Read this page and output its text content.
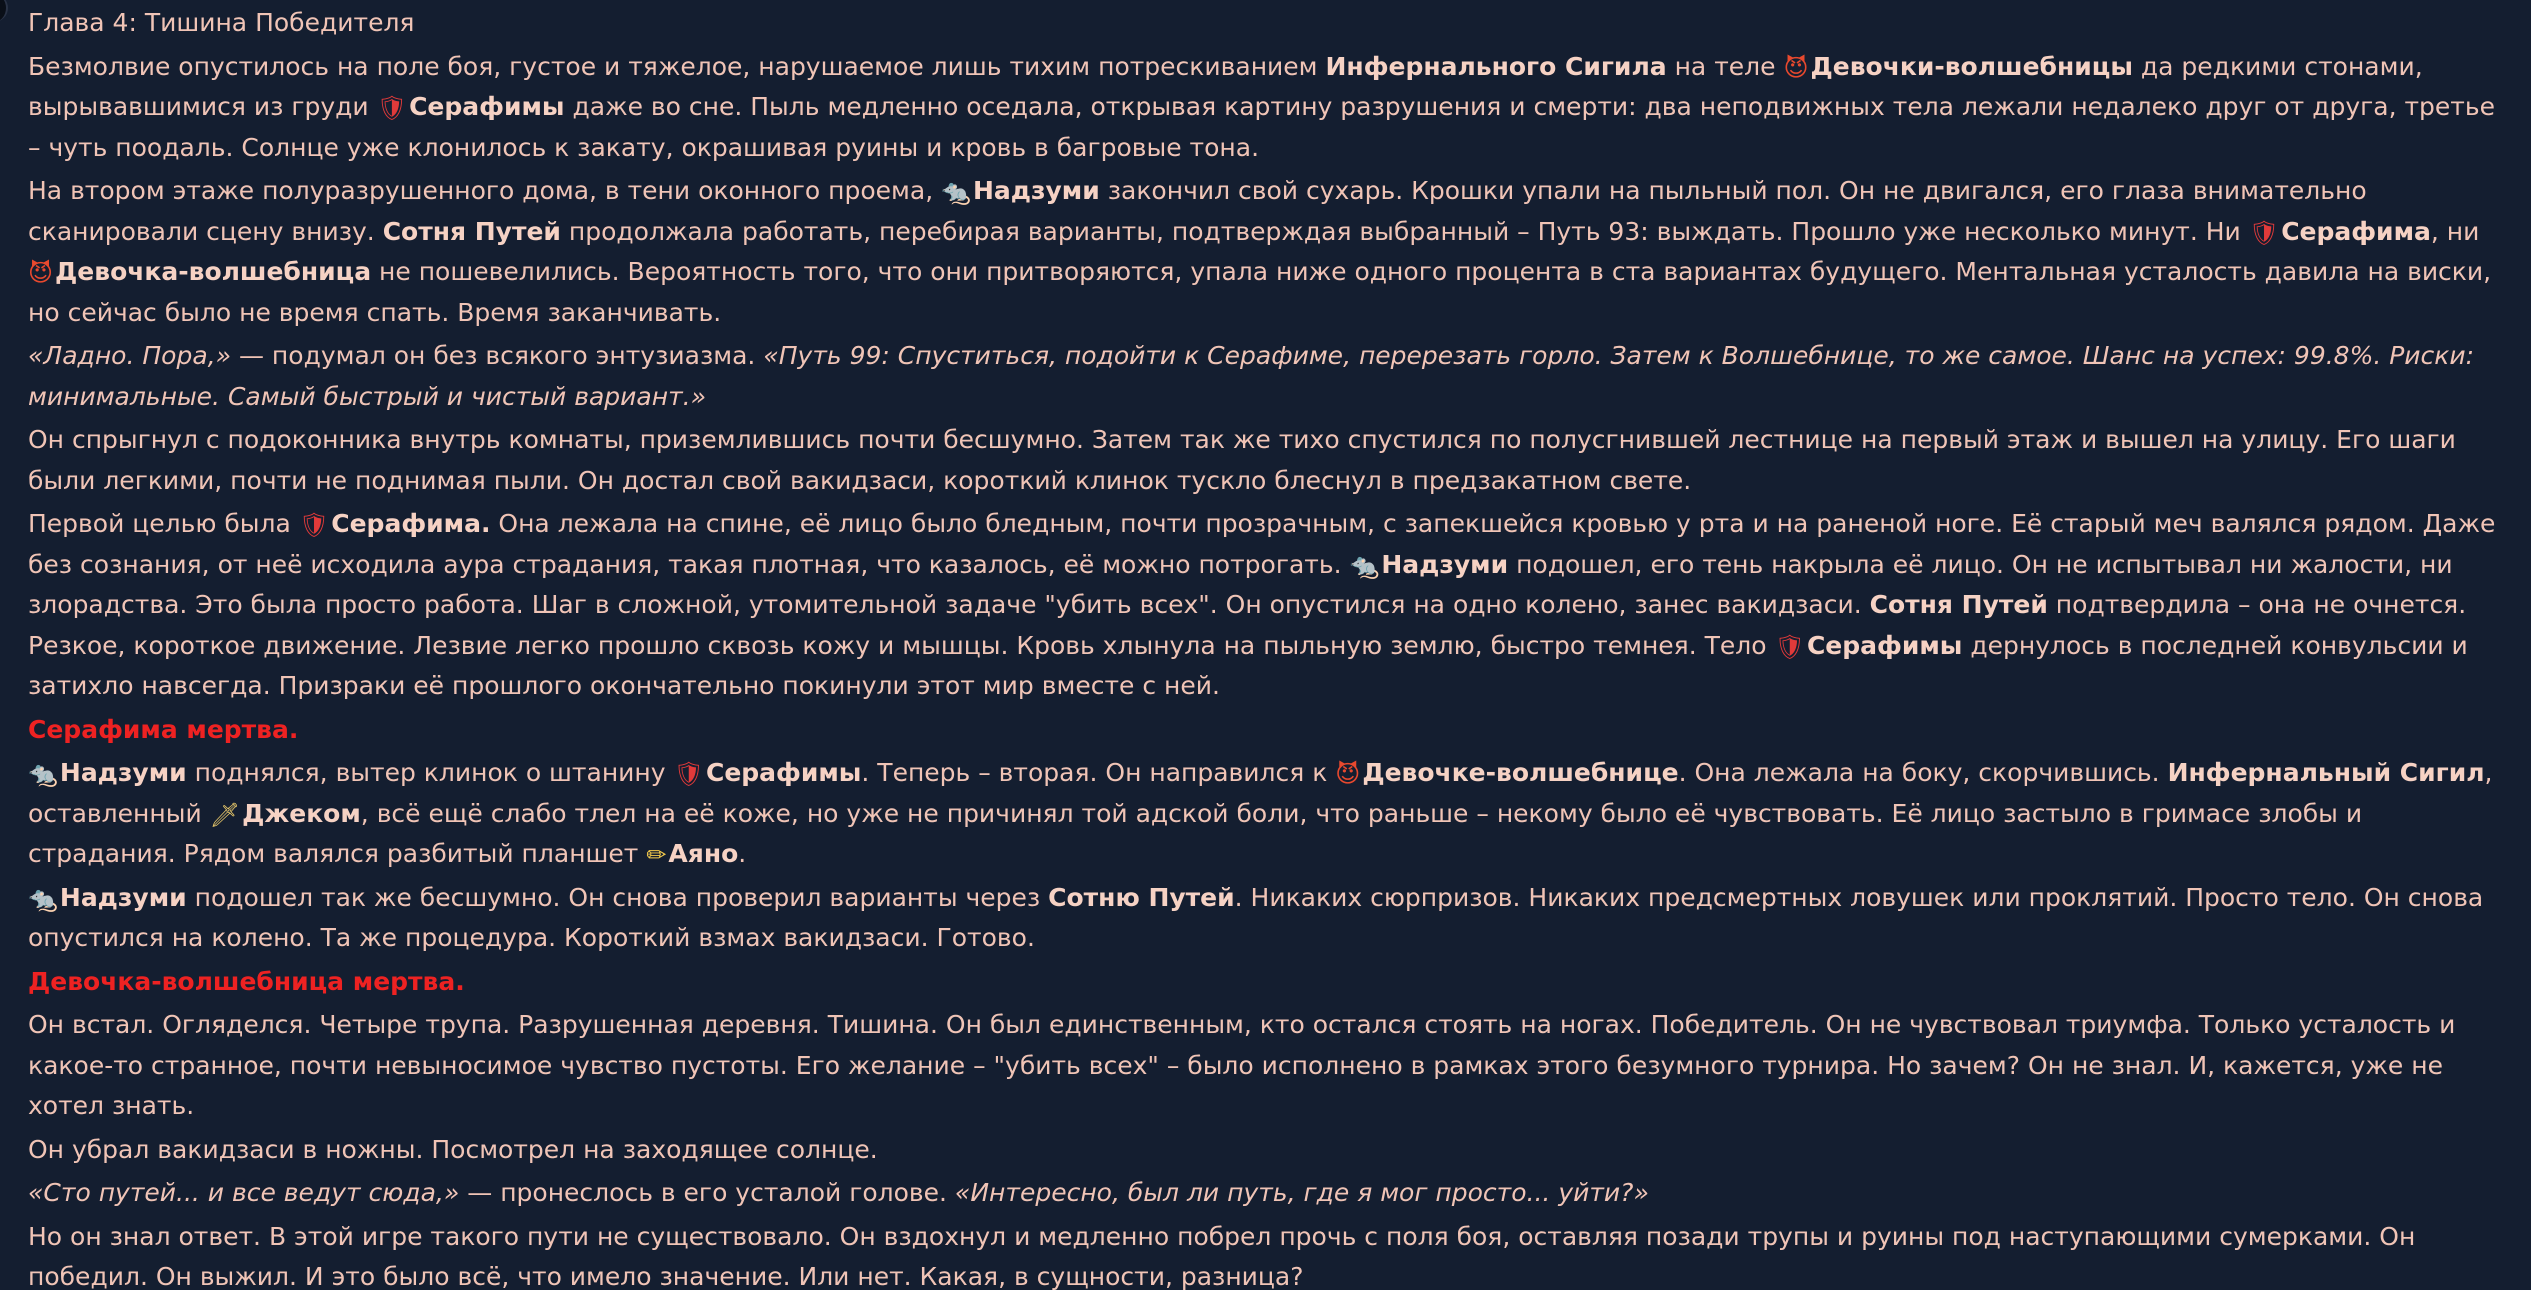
Глава 4: Тишина Победителя

Безмолвие опустилось на поле боя, густое и тяжелое, нарушаемое лишь тихим потрескиванием Инфернального Сигила на теле 😈Девочки-волшебницы да редкими стонами, вырывавшимися из груди 🛡Серафимы даже во сне. Пыль медленно оседала, открывая картину разрушения и смерти: два неподвижных тела лежали недалеко друг от друга, третье – чуть поодаль. Солнце уже клонилось к закату, окрашивая руины и кровь в багровые тона.

На втором этаже полуразрушенного дома, в тени оконного проема, 🐀Надзуми закончил свой сухарь. Крошки упали на пыльный пол. Он не двигался, его глаза внимательно сканировали сцену внизу. Сотня Путей продолжала работать, перебирая варианты, подтверждая выбранный – Путь 93: выждать. Прошло уже несколько минут. Ни 🛡Серафима, ни 😈Девочка-волшебница не пошевелились. Вероятность того, что они притворяются, упала ниже одного процента в ста вариантах будущего. Ментальная усталость давила на виски, но сейчас было не время спать. Время заканчивать.

«Ладно. Пора,» — подумал он без всякого энтузиазма. «Путь 99: Спуститься, подойти к Серафиме, перерезать горло. Затем к Волшебнице, то же самое. Шанс на успех: 99.8%. Риски: минимальные. Самый быстрый и чистый вариант.»

Он спрыгнул с подоконника внутрь комнаты, приземлившись почти бесшумно. Затем так же тихо спустился по полусгнившей лестнице на первый этаж и вышел на улицу. Его шаги были легкими, почти не поднимая пыли. Он достал свой вакидзаси, короткий клинок тускло блеснул в предзакатном свете.

Первой целью была 🛡Серафима. Она лежала на спине, её лицо было бледным, почти прозрачным, с запекшейся кровью у рта и на раненой ноге. Её старый меч валялся рядом. Даже без сознания, от неё исходила аура страдания, такая плотная, что казалось, её можно потрогать. 🐀Надзуми подошел, его тень накрыла её лицо. Он не испытывал ни жалости, ни злорадства. Это была просто работа. Шаг в сложной, утомительной задаче "убить всех". Он опустился на одно колено, занес вакидзаси. Сотня Путей подтвердила – она не очнется. Резкое, короткое движение. Лезвие легко прошло сквозь кожу и мышцы. Кровь хлынула на пыльную землю, быстро темнея. Тело 🛡Серафимы дернулось в последней конвульсии и затихло навсегда. Призраки её прошлого окончательно покинули этот мир вместе с ней.

Серафима мертва.

🐀Надзуми поднялся, вытер клинок о штанину 🛡Серафимы. Теперь – вторая. Он направился к 😈Девочке-волшебнице. Она лежала на боку, скорчившись. Инфернальный Сигил, оставленный 🗡Джеком, всё ещё слабо тлел на её коже, но уже не причинял той адской боли, что раньше – некому было её чувствовать. Её лицо застыло в гримасе злобы и страдания. Рядом валялся разбитый планшет ✏Аяно.

🐀Надзуми подошел так же бесшумно. Он снова проверил варианты через Сотню Путей. Никаких сюрпризов. Никаких предсмертных ловушек или проклятий. Просто тело. Он снова опустился на колено. Та же процедура. Короткий взмах вакидзаси. Готово.

Девочка-волшебница мертва.

Он встал. Огляделся. Четыре трупа. Разрушенная деревня. Тишина. Он был единственным, кто остался стоять на ногах. Победитель. Он не чувствовал триумфа. Только усталость и какое-то странное, почти невыносимое чувство пустоты. Его желание – "убить всех" – было исполнено в рамках этого безумного турнира. Но зачем? Он не знал. И, кажется, уже не хотел знать.

Он убрал вакидзаси в ножны. Посмотрел на заходящее солнце.

«Сто путей... и все ведут сюда,» — пронеслось в его усталой голове. «Интересно, был ли путь, где я мог просто... уйти?»

Но он знал ответ. В этой игре такого пути не существовало. Он вздохнул и медленно побрел прочь с поля боя, оставляя позади трупы и руины под наступающими сумерками. Он победил. Он выжил. И это было всё, что имело значение. Или нет. Какая, в сущности, разница?
